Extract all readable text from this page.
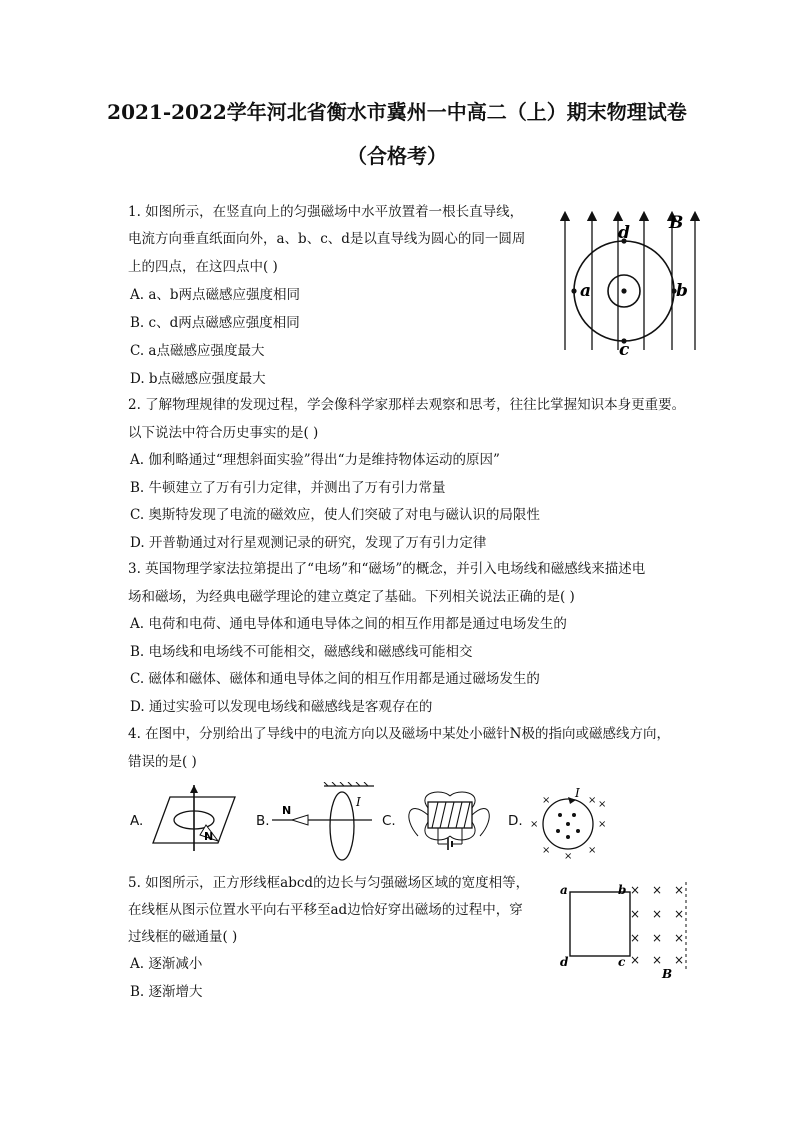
2021-2022学年河北省衡水市冀州一中高二（上）期末物理试卷
（合格考）
1. 如图所示，在竖直向上的匀强磁场中水平放置着一根长直导线，
电流方向垂直纸面向外，a、b、c、d是以直导线为圆心的同一圆周
上的四点，在这四点中( )
A. a、b两点磁感应强度相同
B. c、d两点磁感应强度相同
C. a点磁感应强度最大
D. b点磁感应强度最大
a	b
d
c
B
2. 了解物理规律的发现过程，学会像科学家那样去观察和思考，往往比掌握知识本身更重要。
以下说法中符合历史事实的是( )
A. 伽利略通过“理想斜面实验”得出“力是维持物体运动的原因”
B. 牛顿建立了万有引力定律，并测出了万有引力常量
C. 奥斯特发现了电流的磁效应，使人们突破了对电与磁认识的局限性
D. 开普勒通过对行星观测记录的研究，发现了万有引力定律
3. 英国物理学家法拉第提出了“电场”和“磁场”的概念，并引入电场线和磁感线来描述电
场和磁场，为经典电磁学理论的建立奠定了基础。下列相关说法正确的是( )
A. 电荷和电荷、通电导体和通电导体之间的相互作用都是通过电场发生的
B. 电场线和电场线不可能相交，磁感线和磁感线可能相交
C. 磁体和磁体、磁体和通电导体之间的相互作用都是通过磁场发生的
D. 通过实验可以发现电场线和磁感线是客观存在的
4. 在图中，分别给出了导线中的电流方向以及磁场中某处小磁针N极的指向或磁感线方向，
错误的是( )
A.
N
B.
N
I
C.	D.
I
×	×
×	×
×	×
×
×
5. 如图所示，正方形线框abcd的边长与匀强磁场区域的宽度相等，
在线框从图示位置水平向右平移至ad边恰好穿出磁场的过程中，穿
过线框的磁通量( )
A. 逐渐减小
B. 逐渐增大
× × ×
× × ×
× × ×
× × ×
a	b
d	c
B
